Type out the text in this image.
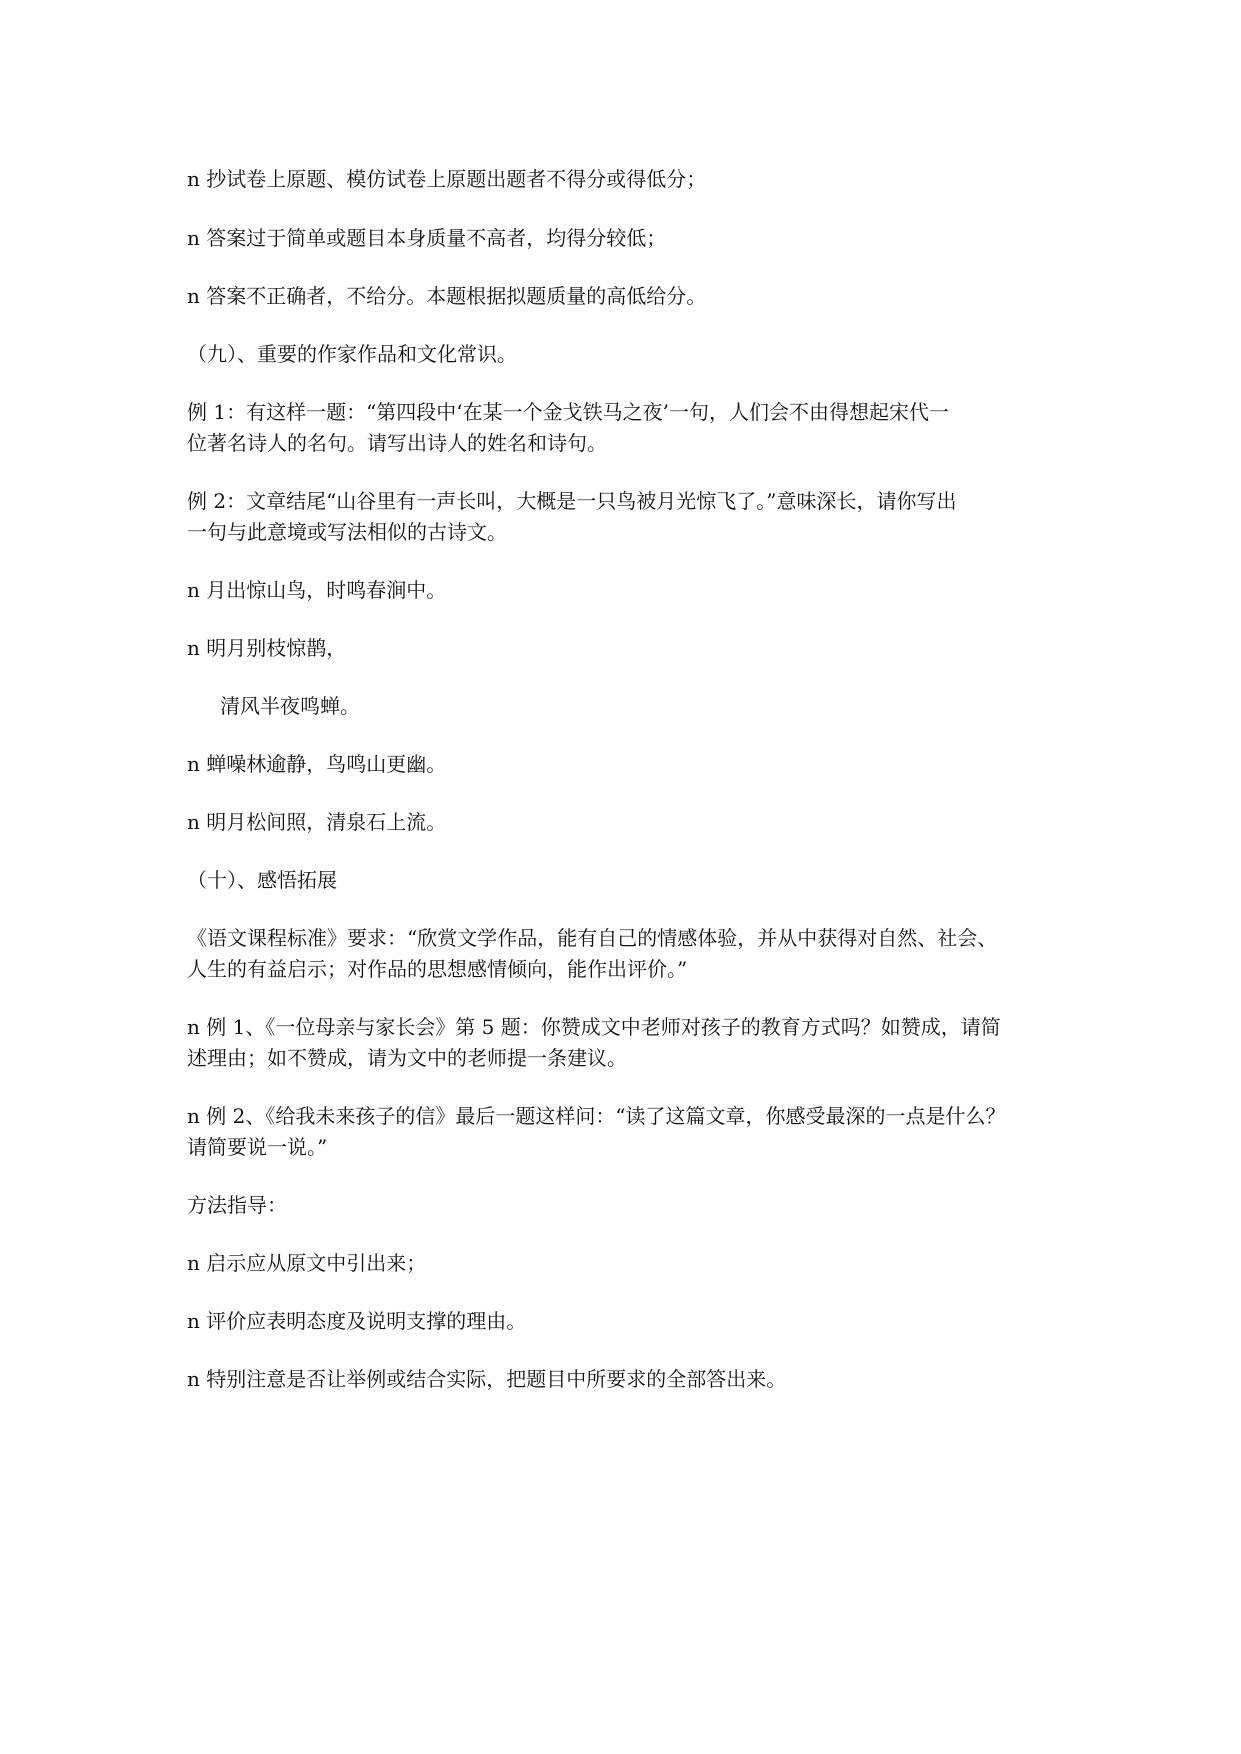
n 抄试卷上原题、模仿试卷上原题出题者不得分或得低分；
n 答案过于简单或题目本身质量不高者，均得分较低；
n 答案不正确者，不给分。本题根据拟题质量的高低给分。
（九）、重要的作家作品和文化常识。
例 1：有这样一题：“第四段中‘在某一个金戈铁马之夜’一句，人们会不由得想起宋代一
位著名诗人的名句。请写出诗人的姓名和诗句。
例 2：文章结尾“山谷里有一声长叫，大概是一只鸟被月光惊飞了。”意味深长，请你写出
一句与此意境或写法相似的古诗文。
n 月出惊山鸟，时鸣春涧中。
n 明月别枝惊鹊，
清风半夜鸣蝉。
n 蝉噪林逾静，鸟鸣山更幽。
n 明月松间照，清泉石上流。
（十）、感悟拓展
《语文课程标准》要求：“欣赏文学作品，能有自己的情感体验，并从中获得对自然、社会、
人生的有益启示；对作品的思想感情倾向，能作出评价。”
n 例 1、《一位母亲与家长会》第 5 题：你赞成文中老师对孩子的教育方式吗？如赞成，请简
述理由；如不赞成，请为文中的老师提一条建议。
n 例 2、《给我未来孩子的信》最后一题这样问：“读了这篇文章，你感受最深的一点是什么？
请简要说一说。”
方法指导：
n 启示应从原文中引出来；
n 评价应表明态度及说明支撑的理由。
n 特别注意是否让举例或结合实际，把题目中所要求的全部答出来。
